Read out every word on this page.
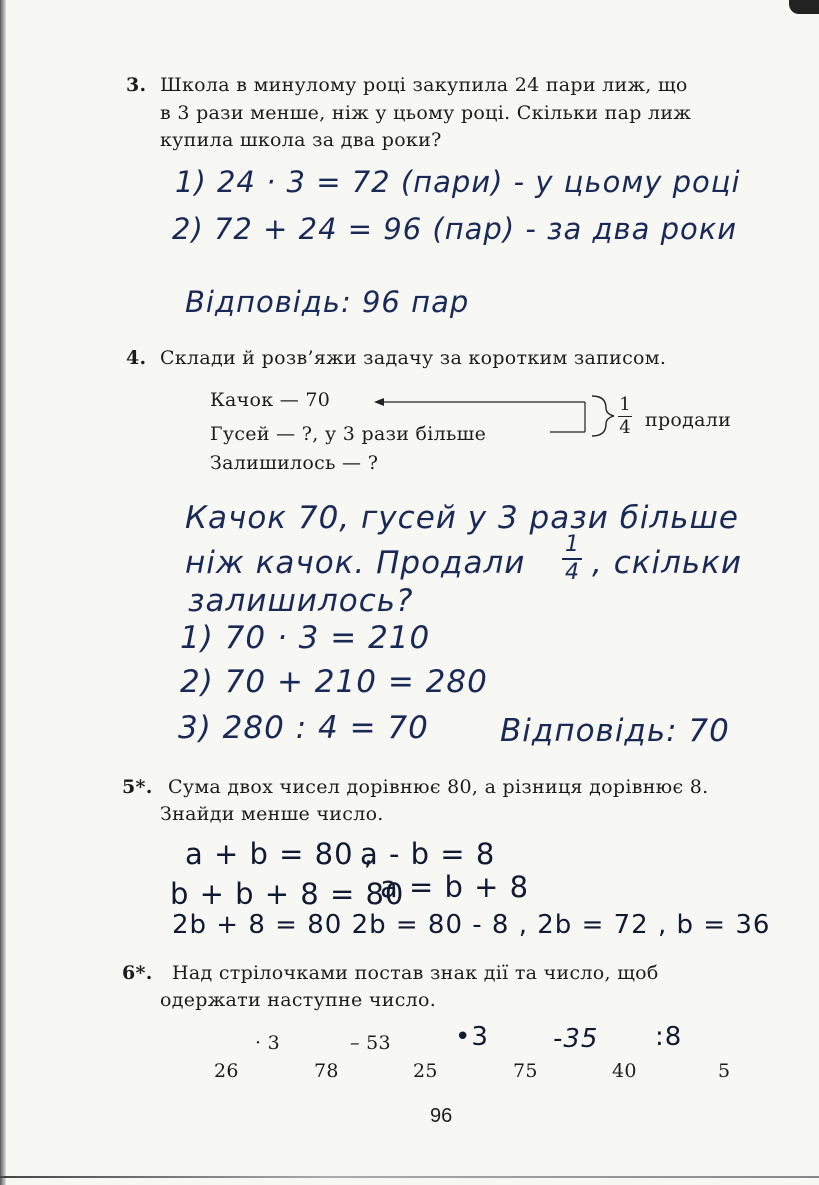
3. Школа в минулому році закупила 24 пари лиж, що
в 3 рази менше, ніж у цьому році. Скільки пар лиж
купила школа за два роки?
1) 24 · 3 = 72 (пари) - у цьому році
2) 72 + 24 = 96 (пар) - за два роки
Відповідь: 96 пар
4. Склади й розв’яжи задачу за коротким записом.
Качок — 70
Гусей — ?, у 3 рази більше
Залишилось — ?
1
4 продали
Качок 70, гусей у 3 рази більше
ніж качок. Продали
1
4 , скільки
залишилось?
1) 70 · 3 = 210
2) 70 + 210 = 280
3) 280 : 4 = 70 Відповідь: 70
5*. Сума двох чисел дорівнює 80, а різниця дорівнює 8.
Знайди менше число.
a + b = 80 ,
a - b = 8
b + b + 8 = 80
a = b + 8
2b + 8 = 80 2b = 80 - 8 , 2b = 72 , b = 36
6*. Над стрілочками постав знак дії та число, щоб
одержати наступне число.
· 3	– 53 •3 -35 :8
26	78	25	75	40	5
96
